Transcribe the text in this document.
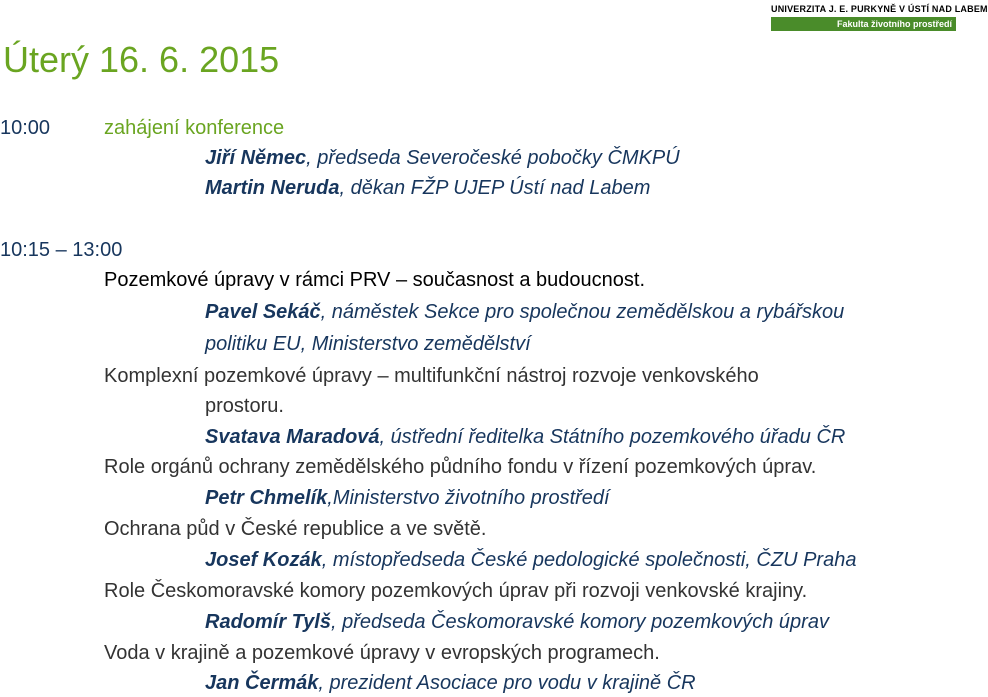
UNIVERZITA J. E. PURKYNĚ V ÚSTÍ NAD LABEM
Fakulta životního prostředí
Úterý 16. 6. 2015
10:00	zahájení konference
Jiří Němec, předseda Severočeské pobočky ČMKPÚ
Martin Neruda, děkan FŽP UJEP Ústí nad Labem
10:15 – 13:00
Pozemkové úpravy v rámci PRV – současnost a budoucnost.
Pavel Sekáč, náměstek Sekce pro společnou zemědělskou a rybářskou
politiku EU, Ministerstvo zemědělství
Komplexní pozemkové úpravy – multifunkční nástroj rozvoje venkovského
prostoru.
Svatava Maradová, ústřední ředitelka Státního pozemkového úřadu ČR
Role orgánů ochrany zemědělského půdního fondu v řízení pozemkových úprav.
Petr Chmelík,Ministerstvo životního prostředí
Ochrana půd v České republice a ve světě.
Josef Kozák, místopředseda České pedologické společnosti, ČZU Praha
Role Českomoravské komory pozemkových úprav při rozvoji venkovské krajiny.
Radomír Tylš, předseda Českomoravské komory pozemkových úprav
Voda v krajině a pozemkové úpravy v evropských programech.
Jan Čermák, prezident Asociace pro vodu v krajině ČR
